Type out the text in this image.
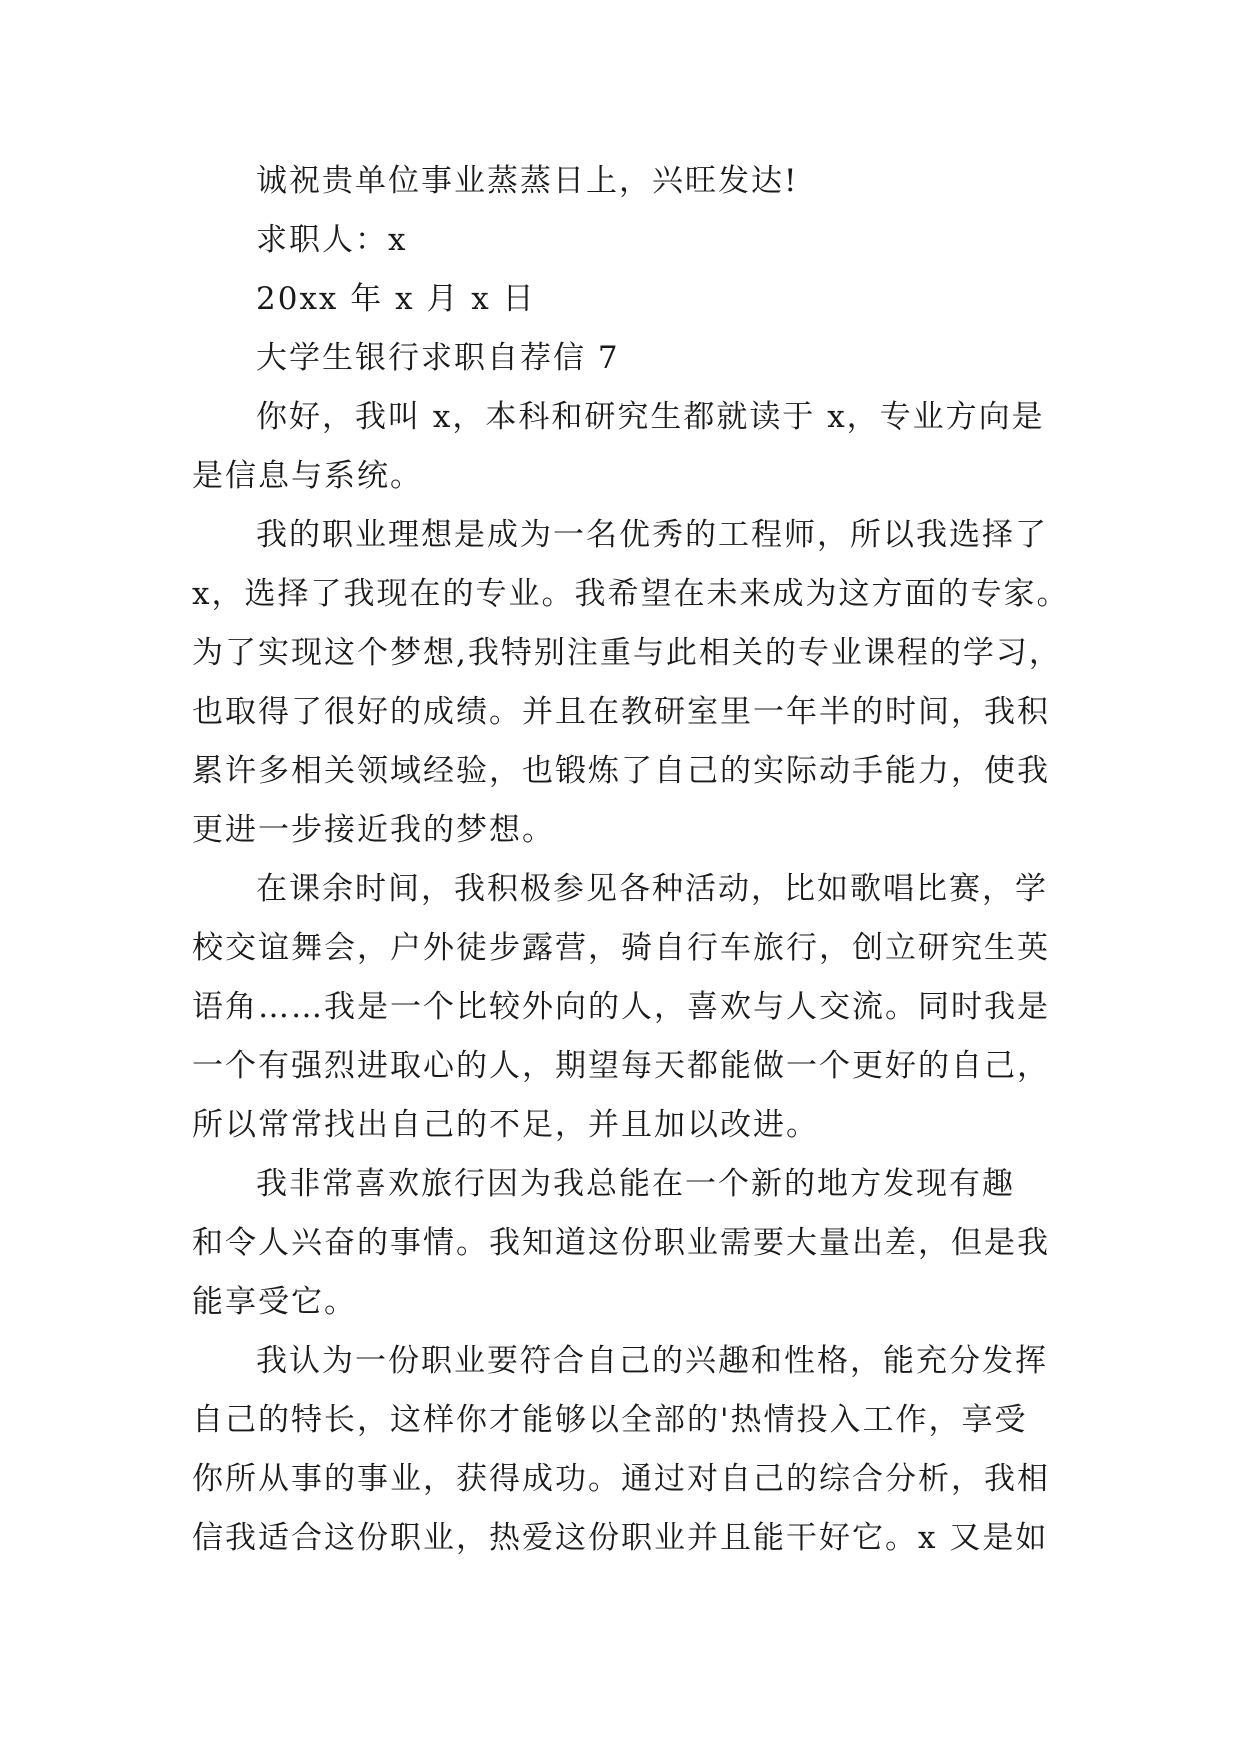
诚祝贵单位事业蒸蒸日上，兴旺发达!

求职人：x

20xx 年 x 月 x 日

大学生银行求职自荐信 7

你好，我叫 x，本科和研究生都就读于 x，专业方向是
是信息与系统。
我的职业理想是成为一名优秀的工程师，所以我选择了
x，选择了我现在的专业。我希望在未来成为这方面的专家。
为了实现这个梦想,我特别注重与此相关的专业课程的学习，
也取得了很好的成绩。并且在教研室里一年半的时间，我积
累许多相关领域经验，也锻炼了自己的实际动手能力，使我
更进一步接近我的梦想。
在课余时间，我积极参见各种活动，比如歌唱比赛，学
校交谊舞会，户外徒步露营，骑自行车旅行，创立研究生英
语角……我是一个比较外向的人，喜欢与人交流。同时我是
一个有强烈进取心的人，期望每天都能做一个更好的自己，
所以常常找出自己的不足，并且加以改进。
我非常喜欢旅行因为我总能在一个新的地方发现有趣
和令人兴奋的事情。我知道这份职业需要大量出差，但是我
能享受它。
我认为一份职业要符合自己的兴趣和性格，能充分发挥
自己的特长，这样你才能够以全部的'热情投入工作，享受
你所从事的事业，获得成功。通过对自己的综合分析，我相
信我适合这份职业，热爱这份职业并且能干好它。x 又是如
